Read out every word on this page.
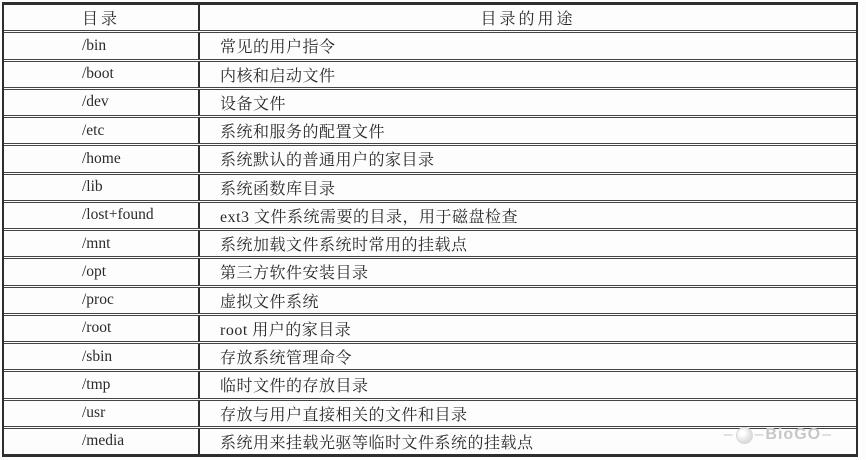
目录	目录的用途
/bin	常见的用户指令
/boot	内核和启动文件
/dev	设备文件
/etc	系统和服务的配置文件
/home	系统默认的普通用户的家目录
/lib	系统函数库目录
/lost+found	ext3 文件系统需要的目录，用于磁盘检查
/mnt	系统加载文件系统时常用的挂载点
/opt	第三方软件安装目录
/proc	虚拟文件系统
/root	root 用户的家目录
/sbin	存放系统管理命令
/tmp	临时文件的存放目录
/usr	存放与用户直接相关的文件和目录
/media	系统用来挂载光驱等临时文件系统的挂载点
– – BioGO –
